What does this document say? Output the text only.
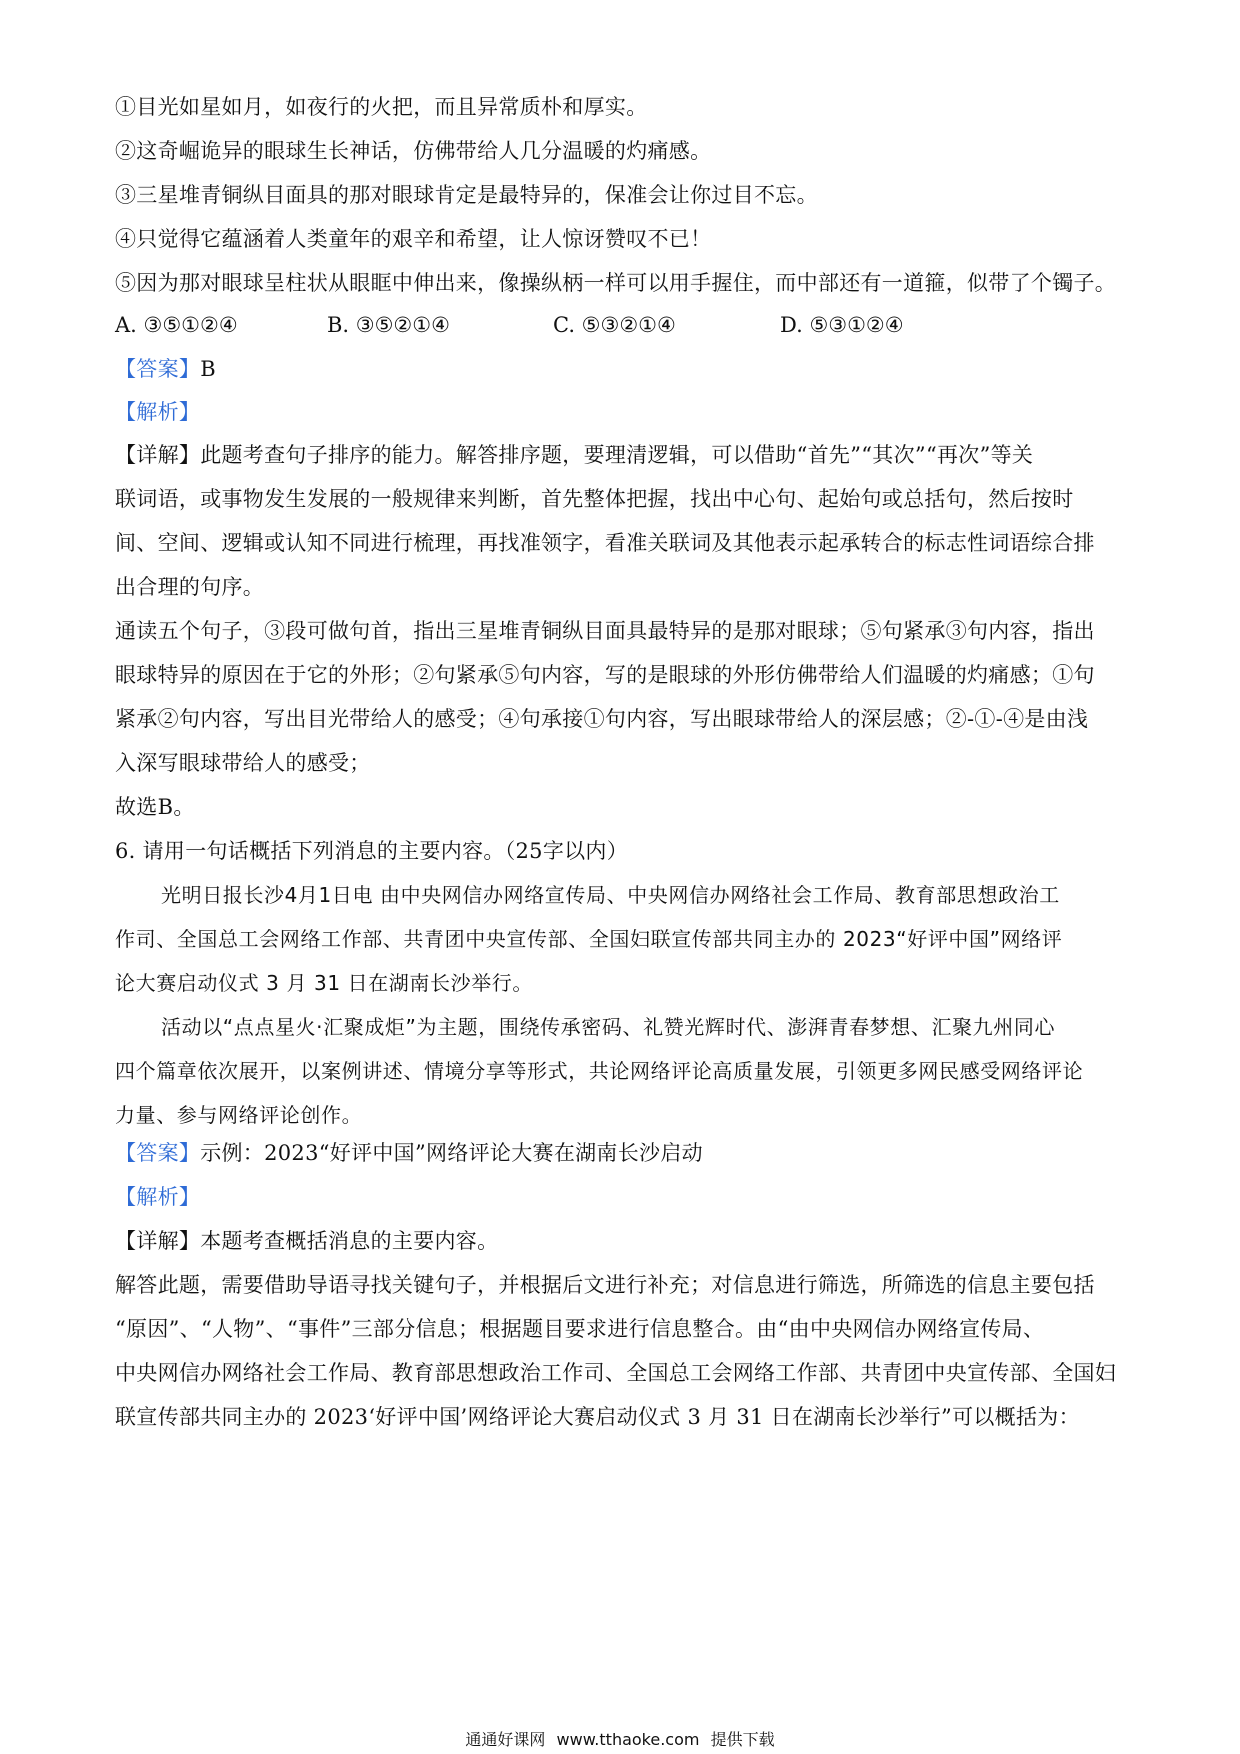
①目光如星如月，如夜行的火把，而且异常质朴和厚实。
②这奇崛诡异的眼球生长神话，仿佛带给人几分温暖的灼痛感。
③三星堆青铜纵目面具的那对眼球肯定是最特异的，保准会让你过目不忘。
④只觉得它蕴涵着人类童年的艰辛和希望，让人惊讶赞叹不已！
⑤因为那对眼球呈柱状从眼眶中伸出来，像操纵柄一样可以用手握住，而中部还有一道箍，似带了个镯子。
A. ③⑤①②④	B. ③⑤②①④	C. ⑤③②①④	D. ⑤③①②④
【答案】B
【解析】
【详解】此题考查句子排序的能力。解答排序题，要理清逻辑，可以借助“首先”“其次”“再次”等关
联词语，或事物发生发展的一般规律来判断，首先整体把握，找出中心句、起始句或总括句，然后按时
间、空间、逻辑或认知不同进行梳理，再找准领字，看准关联词及其他表示起承转合的标志性词语综合排
出合理的句序。
通读五个句子，③段可做句首，指出三星堆青铜纵目面具最特异的是那对眼球；⑤句紧承③句内容，指出
眼球特异的原因在于它的外形；②句紧承⑤句内容，写的是眼球的外形仿佛带给人们温暖的灼痛感；①句
紧承②句内容，写出目光带给人的感受；④句承接①句内容，写出眼球带给人的深层感；②-①-④是由浅
入深写眼球带给人的感受；
故选B。
6. 请用一句话概括下列消息的主要内容。（25字以内）
光明日报长沙4月1日电 由中央网信办网络宣传局、中央网信办网络社会工作局、教育部思想政治工
作司、全国总工会网络工作部、共青团中央宣传部、全国妇联宣传部共同主办的 2023“好评中国”网络评
论大赛启动仪式 3 月 31 日在湖南长沙举行。
活动以“点点星火·汇聚成炬”为主题，围绕传承密码、礼赞光辉时代、澎湃青春梦想、汇聚九州同心
四个篇章依次展开，以案例讲述、情境分享等形式，共论网络评论高质量发展，引领更多网民感受网络评论
力量、参与网络评论创作。
【答案】示例：2023“好评中国”网络评论大赛在湖南长沙启动
【解析】
【详解】本题考查概括消息的主要内容。
解答此题，需要借助导语寻找关键句子，并根据后文进行补充；对信息进行筛选，所筛选的信息主要包括
“原因”、“人物”、“事件”三部分信息；根据题目要求进行信息整合。由“由中央网信办网络宣传局、
中央网信办网络社会工作局、教育部思想政治工作司、全国总工会网络工作部、共青团中央宣传部、全国妇
联宣传部共同主办的 2023‘好评中国’网络评论大赛启动仪式 3 月 31 日在湖南长沙举行”可以概括为：
通通好课网 www.tthaoke.com 提供下载
